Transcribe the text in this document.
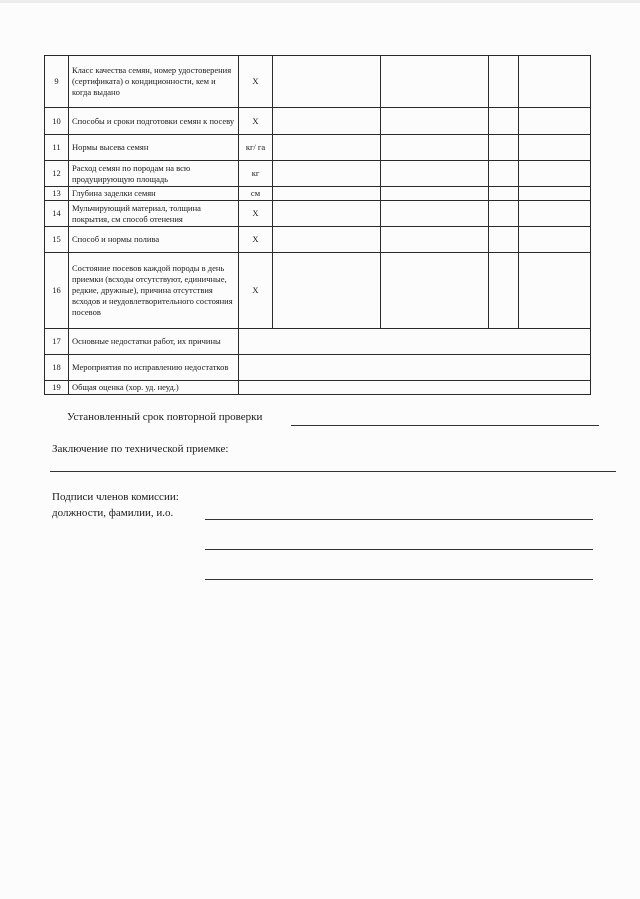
9	Класс качества семян, номер удостоверения (сертификата) о кондиционности, кем и когда выдано	X				
10	Способы и сроки подготовки семян к посеву	X				
11	Нормы высева семян	кг/ га				
12	Расход семян по породам на всю продуцирующую площадь	кг				
13	Глубина заделки семян	см				
14	Мульчирующий материал, толщина покрытия, см способ отенения	X				
15	Способ и нормы полива	X				
16	Состояние посевов каждой породы в день приемки (всходы отсутствуют, единичные, редкие, дружные), причина отсутствия всходов и неудовлетворительного состояния посевов	X				
17	Основные недостатки работ, их причины					
18	Мероприятия по исправлению недостатков					
19	Общая оценка (хор. уд. неуд.)					
Установленный срок повторной проверки
Заключение по технической приемке:
Подписи членов комиссии:
должности, фамилии, и.о.
